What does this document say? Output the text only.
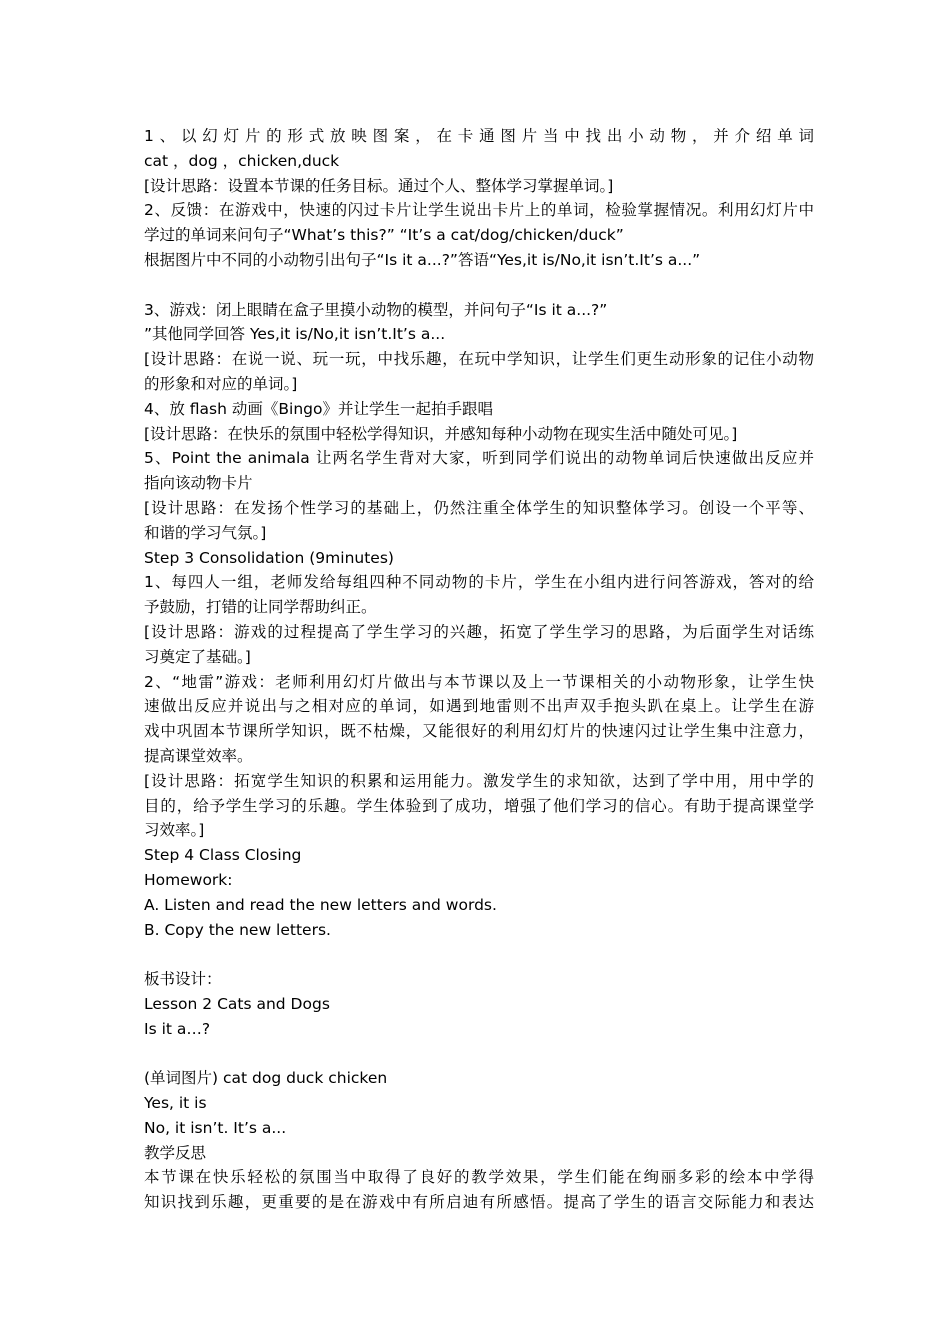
1、以幻灯片的形式放映图案，在卡通图片当中找出小动物，并介绍单词
cat ，dog ，chicken,duck
[设计思路：设置本节课的任务目标。通过个人、整体学习掌握单词。]
2、反馈：在游戏中，快速的闪过卡片让学生说出卡片上的单词，检验掌握情况。利用幻灯片中
学过的单词来问句子“What’s this?” “It’s a cat/dog/chicken/duck”
根据图片中不同的小动物引出句子“Is it a...?”答语“Yes,it is/No,it isn’t.It’s a...”
3、游戏：闭上眼睛在盒子里摸小动物的模型，并问句子“Is it a...?”
”其他同学回答 Yes,it is/No,it isn’t.It’s a...
[设计思路：在说一说、玩一玩，中找乐趣，在玩中学知识，让学生们更生动形象的记住小动物
的形象和对应的单词。]
4、放 flash 动画《Bingo》并让学生一起拍手跟唱
[设计思路：在快乐的氛围中轻松学得知识，并感知每种小动物在现实生活中随处可见。]
5、Point the animala 让两名学生背对大家，听到同学们说出的动物单词后快速做出反应并
指向该动物卡片
[设计思路：在发扬个性学习的基础上，仍然注重全体学生的知识整体学习。创设一个平等、
和谐的学习气氛。]
Step 3 Consolidation (9minutes)
1、每四人一组，老师发给每组四种不同动物的卡片，学生在小组内进行问答游戏，答对的给
予鼓励，打错的让同学帮助纠正。
[设计思路：游戏的过程提高了学生学习的兴趣，拓宽了学生学习的思路，为后面学生对话练
习奠定了基础。]
2、“地雷”游戏：老师利用幻灯片做出与本节课以及上一节课相关的小动物形象，让学生快
速做出反应并说出与之相对应的单词，如遇到地雷则不出声双手抱头趴在桌上。让学生在游
戏中巩固本节课所学知识，既不枯燥，又能很好的利用幻灯片的快速闪过让学生集中注意力，
提高课堂效率。
[设计思路：拓宽学生知识的积累和运用能力。激发学生的求知欲，达到了学中用，用中学的
目的，给予学生学习的乐趣。学生体验到了成功，增强了他们学习的信心。有助于提高课堂学
习效率。]
Step 4 Class Closing
Homework:
A. Listen and read the new letters and words.
B. Copy the new letters.
板书设计：
Lesson 2 Cats and Dogs
Is it a…?
(单词图片) cat dog duck chicken
Yes, it is
No, it isn’t. It’s a...
教学反思
本节课在快乐轻松的氛围当中取得了良好的教学效果，学生们能在绚丽多彩的绘本中学得
知识找到乐趣，更重要的是在游戏中有所启迪有所感悟。提高了学生的语言交际能力和表达
